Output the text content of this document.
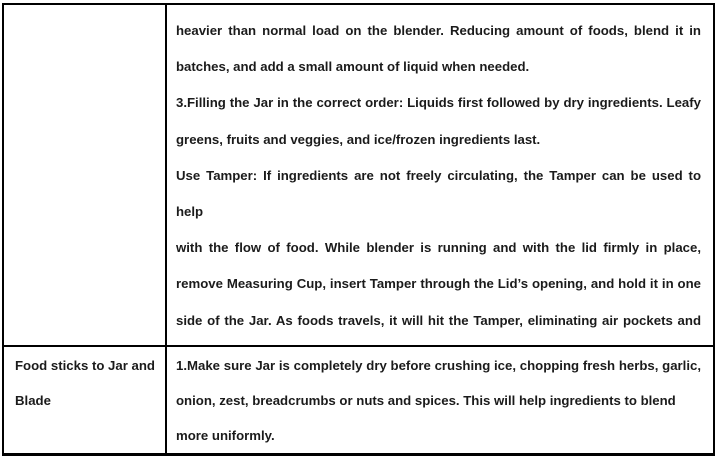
heavier than normal load on the blender. Reducing amount of foods, blend it in
batches, and add a small amount of liquid when needed.
3.Filling the Jar in the correct order: Liquids first followed by dry ingredients. Leafy
greens, fruits and veggies, and ice/frozen ingredients last.
Use Tamper: If ingredients are not freely circulating, the Tamper can be used to help
with the flow of food. While blender is running and with the lid firmly in place,
remove Measuring Cup, insert Tamper through the Lid’s opening, and hold it in one
side of the Jar. As foods travels, it will hit the Tamper, eliminating air pockets and
Food sticks to Jar and
Blade
1.Make sure Jar is completely dry before crushing ice, chopping fresh herbs, garlic,
onion, zest, breadcrumbs or nuts and spices. This will help ingredients to blend
more uniformly.
